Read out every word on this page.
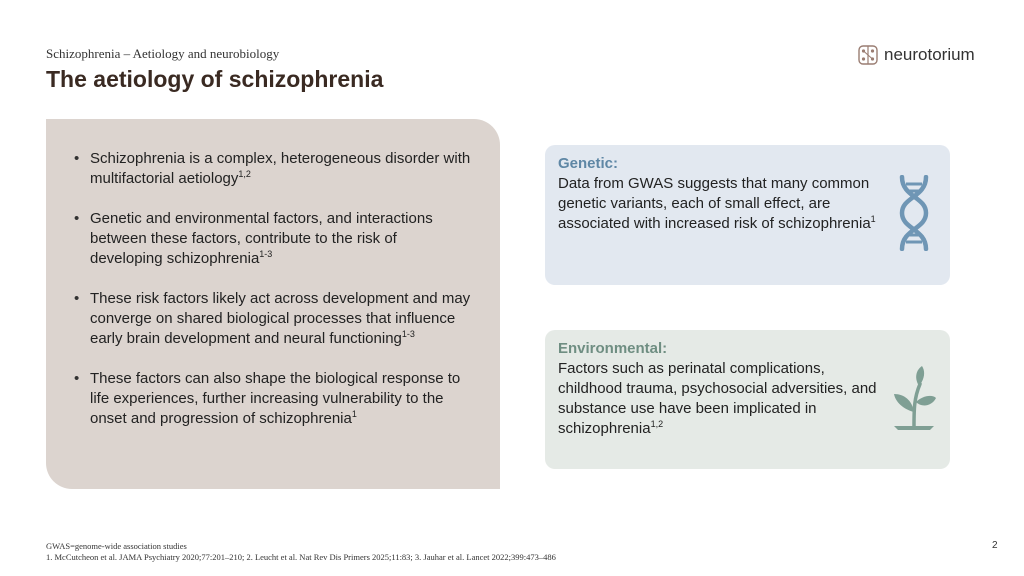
Schizophrenia – Aetiology and neurobiology
The aetiology of schizophrenia
neurotorium
• Schizophrenia is a complex, heterogeneous disorder with multifactorial aetiology$^{1,2}$
• Genetic and environmental factors, and interactions between these factors, contribute to the risk of developing schizophrenia$^{1-3}$
• These risk factors likely act across development and may converge on shared biological processes that influence early brain development and neural functioning$^{1-3}$
• These factors can also shape the biological response to life experiences, further increasing vulnerability to the onset and progression of schizophrenia$^1$
Genetic:
Data from GWAS suggests that many common genetic variants, each of small effect, are associated with increased risk of schizophrenia$^1$
Environmental:
Factors such as perinatal complications, childhood trauma, psychosocial adversities, and substance use have been implicated in schizophrenia$^{1,2}$
GWAS=genome-wide association studies
1. McCutcheon et al. JAMA Psychiatry 2020;77:201–210; 2. Leucht et al. Nat Rev Dis Primers 2025;11:83; 3. Jauhar et al. Lancet 2022;399:473–486
2
